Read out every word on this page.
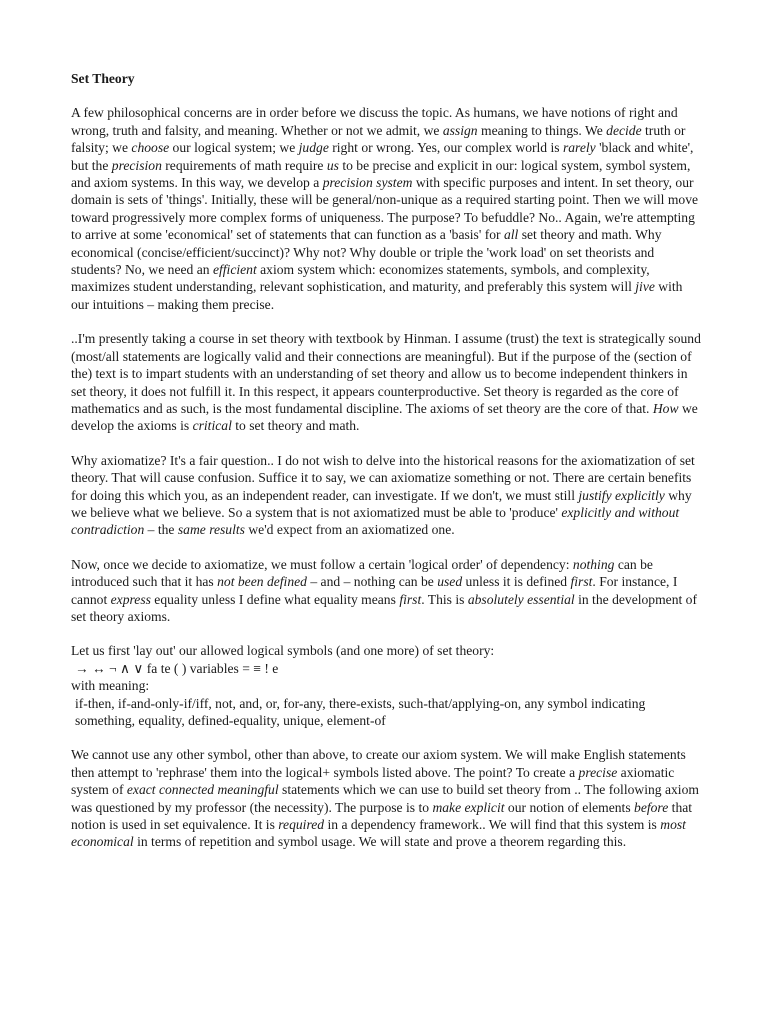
Set Theory

A few philosophical concerns are in order before we discuss the topic. As humans, we have notions of right and wrong, truth and falsity, and meaning. Whether or not we admit, we assign meaning to things. We decide truth or falsity; we choose our logical system; we judge right or wrong. Yes, our complex world is rarely 'black and white', but the precision requirements of math require us to be precise and explicit in our: logical system, symbol system, and axiom systems. In this way, we develop a precision system with specific purposes and intent. In set theory, our domain is sets of 'things'. Initially, these will be general/non-unique as a required starting point. Then we will move toward progressively more complex forms of uniqueness. The purpose? To befuddle? No.. Again, we're attempting to arrive at some 'economical' set of statements that can function as a 'basis' for all set theory and math. Why economical (concise/efficient/succinct)? Why not? Why double or triple the 'work load' on set theorists and students? No, we need an efficient axiom system which: economizes statements, symbols, and complexity, maximizes student understanding, relevant sophistication, and maturity, and preferably this system will jive with our intuitions – making them precise.

..I'm presently taking a course in set theory with textbook by Hinman. I assume (trust) the text is strategically sound (most/all statements are logically valid and their connections are meaningful). But if the purpose of the (section of the) text is to impart students with an understanding of set theory and allow us to become independent thinkers in set theory, it does not fulfill it. In this respect, it appears counterproductive. Set theory is regarded as the core of mathematics and as such, is the most fundamental discipline. The axioms of set theory are the core of that. How we develop the axioms is critical to set theory and math.

Why axiomatize? It's a fair question.. I do not wish to delve into the historical reasons for the axiomatization of set theory. That will cause confusion. Suffice it to say, we can axiomatize something or not. There are certain benefits for doing this which you, as an independent reader, can investigate. If we don't, we must still justify explicitly why we believe what we believe. So a system that is not axiomatized must be able to 'produce' explicitly and without contradiction – the same results we'd expect from an axiomatized one.

Now, once we decide to axiomatize, we must follow a certain 'logical order' of dependency: nothing can be introduced such that it has not been defined – and – nothing can be used unless it is defined first. For instance, I cannot express equality unless I define what equality means first. This is absolutely essential in the development of set theory axioms.

Let us first 'lay out' our allowed logical symbols (and one more) of set theory:
→ ↔ ¬ ∧ ∨ fa te ( ) variables = ≡ ! e
with meaning:
if-then, if-and-only-if/iff, not, and, or, for-any, there-exists, such-that/applying-on, any symbol indicating something, equality, defined-equality, unique, element-of

We cannot use any other symbol, other than above, to create our axiom system. We will make English statements then attempt to 'rephrase' them into the logical+ symbols listed above. The point? To create a precise axiomatic system of exact connected meaningful statements which we can use to build set theory from .. The following axiom was questioned by my professor (the necessity). The purpose is to make explicit our notion of elements before that notion is used in set equivalence. It is required in a dependency framework.. We will find that this system is most economical in terms of repetition and symbol usage. We will state and prove a theorem regarding this.
